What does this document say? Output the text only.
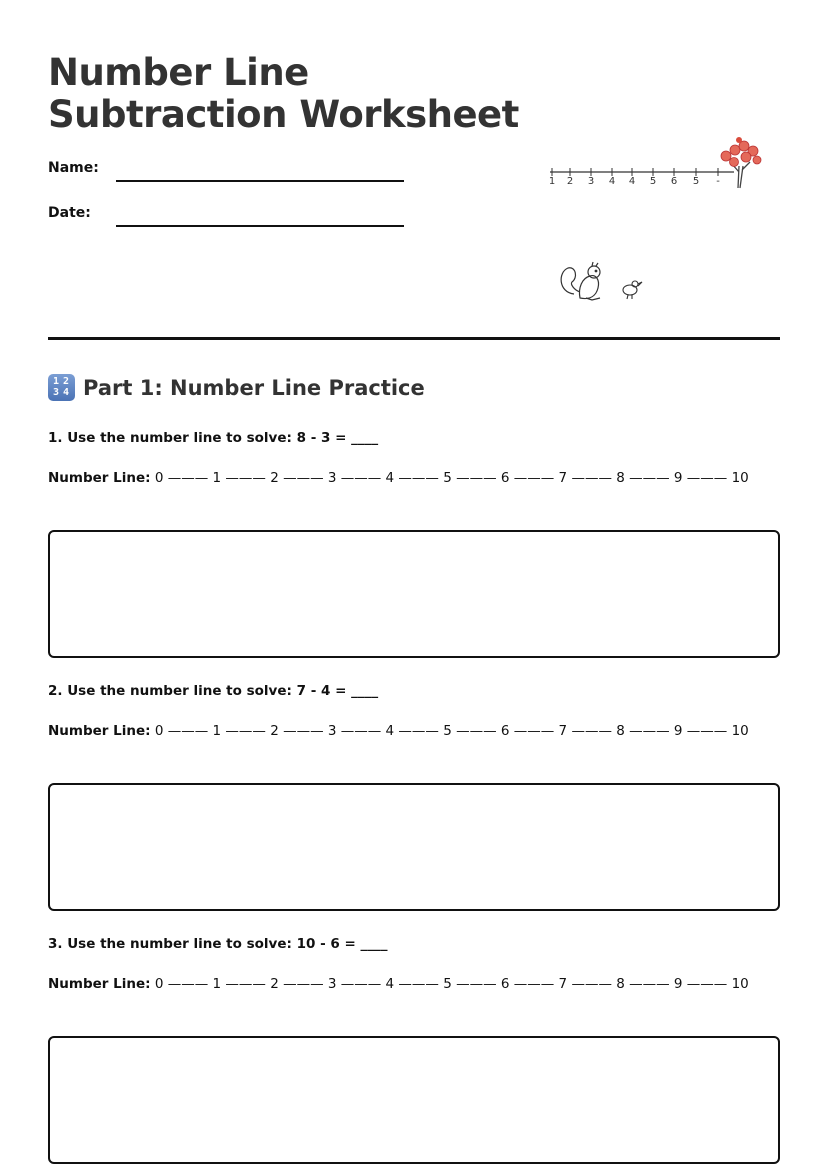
Number Line
Subtraction Worksheet
Name:
Date:
1 2 3 4 4 5 6 5 -
1 2
3 4 Part 1: Number Line Practice
1. Use the number line to solve: 8 - 3 = ____
Number Line: 0 ——— 1 ——— 2 ——— 3 ——— 4 ——— 5 ——— 6 ——— 7 ——— 8 ——— 9 ——— 10
2. Use the number line to solve: 7 - 4 = ____
Number Line: 0 ——— 1 ——— 2 ——— 3 ——— 4 ——— 5 ——— 6 ——— 7 ——— 8 ——— 9 ——— 10
3. Use the number line to solve: 10 - 6 = ____
Number Line: 0 ——— 1 ——— 2 ——— 3 ——— 4 ——— 5 ——— 6 ——— 7 ——— 8 ——— 9 ——— 10
